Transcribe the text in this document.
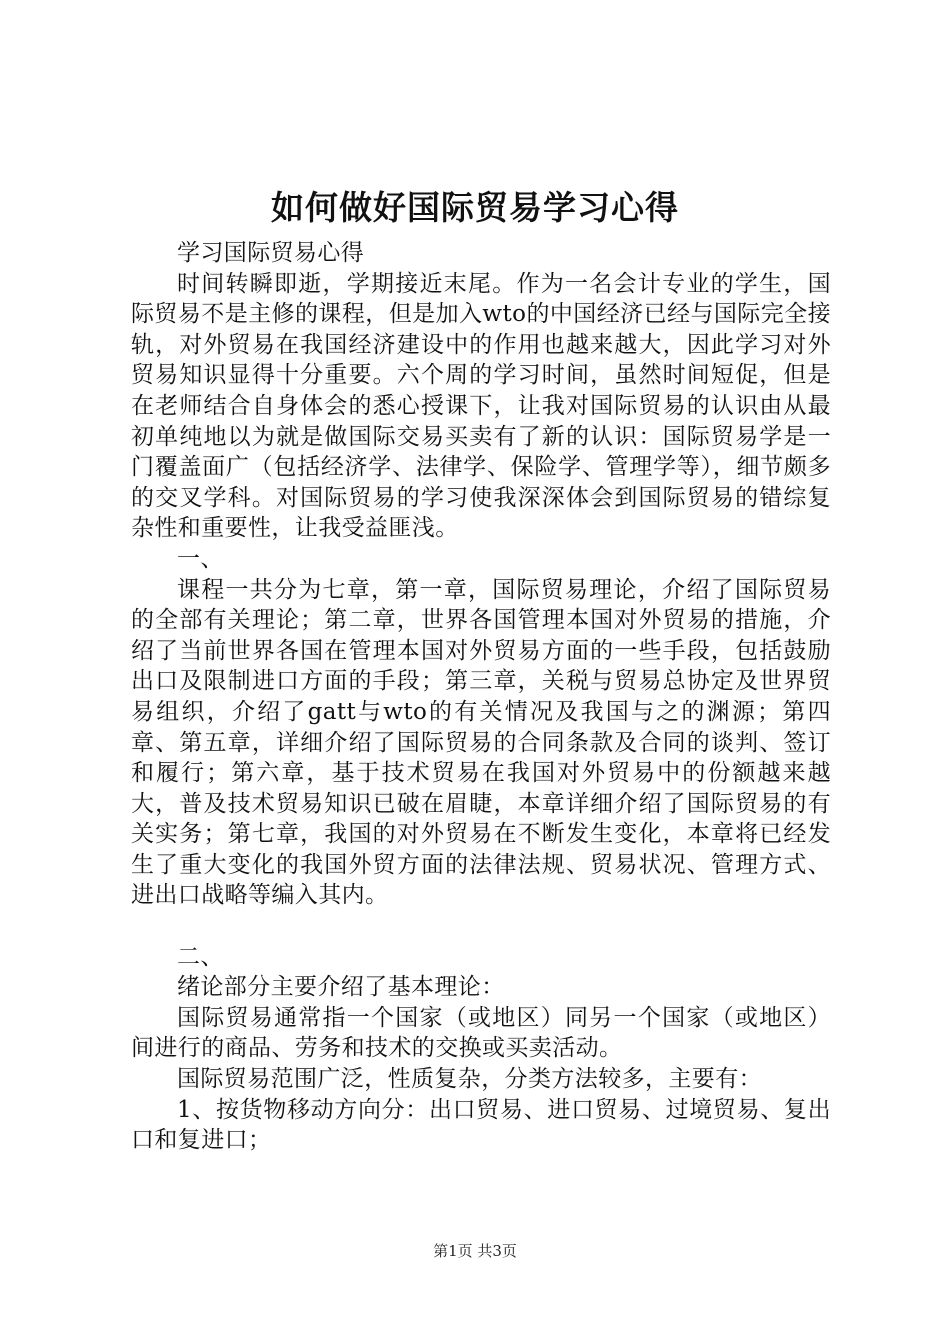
如何做好国际贸易学习心得

学习国际贸易心得

时间转瞬即逝，学期接近末尾。作为一名会计专业的学生，国际贸易不是主修的课程，但是加入wto的中国经济已经与国际完全接轨，对外贸易在我国经济建设中的作用也越来越大，因此学习对外贸易知识显得十分重要。六个周的学习时间，虽然时间短促，但是在老师结合自身体会的悉心授课下，让我对国际贸易的认识由从最初单纯地以为就是做国际交易买卖有了新的认识：国际贸易学是一门覆盖面广（包括经济学、法律学、保险学、管理学等），细节颇多的交叉学科。对国际贸易的学习使我深深体会到国际贸易的错综复杂性和重要性，让我受益匪浅。

一、

课程一共分为七章，第一章，国际贸易理论，介绍了国际贸易的全部有关理论；第二章，世界各国管理本国对外贸易的措施，介绍了当前世界各国在管理本国对外贸易方面的一些手段，包括鼓励出口及限制进口方面的手段；第三章，关税与贸易总协定及世界贸易组织，介绍了gatt与wto的有关情况及我国与之的渊源；第四章、第五章，详细介绍了国际贸易的合同条款及合同的谈判、签订和履行；第六章，基于技术贸易在我国对外贸易中的份额越来越大，普及技术贸易知识已破在眉睫，本章详细介绍了国际贸易的有关实务；第七章，我国的对外贸易在不断发生变化，本章将已经发生了重大变化的我国外贸方面的法律法规、贸易状况、管理方式、进出口战略等编入其内。

二、

绪论部分主要介绍了基本理论：

国际贸易通常指一个国家（或地区）同另一个国家（或地区）间进行的商品、劳务和技术的交换或买卖活动。

国际贸易范围广泛，性质复杂，分类方法较多，主要有：

1、按货物移动方向分：出口贸易、进口贸易、过境贸易、复出口和复进口；

第1页 共3页
